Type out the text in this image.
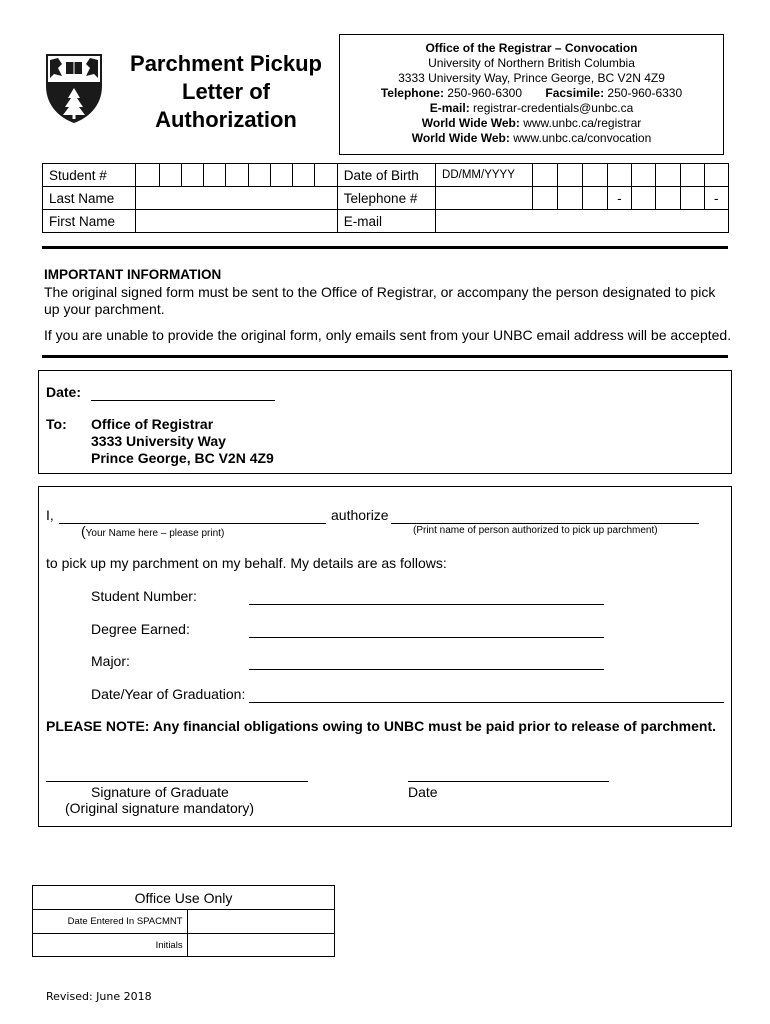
Parchment Pickup
Letter of
Authorization
Office of the Registrar – Convocation
University of Northern British Columbia
3333 University Way, Prince George, BC V2N 4Z9
Telephone: 250-960-6300 Facsimile: 250-960-6330
E-mail: registrar-credentials@unbc.ca
World Wide Web: www.unbc.ca/registrar
World Wide Web: www.unbc.ca/convocation
Student #										Date of Birth	DD/MM/YYYY								
Last Name										Telephone #					-				-
First Name										E-mail									
IMPORTANT INFORMATION
The original signed form must be sent to the Office of Registrar, or accompany the person designated to pick up your parchment.
If you are unable to provide the original form, only emails sent from your UNBC email address will be accepted.
Date:
To: Office of Registrar
3333 University Way
Prince George, BC V2N 4Z9
I,	authorize
(Your Name here – please print)	(Print name of person authorized to pick up parchment)
to pick up my parchment on my behalf. My details are as follows:
Student Number:
Degree Earned:
Major:
Date/Year of Graduation:
PLEASE NOTE: Any financial obligations owing to UNBC must be paid prior to release of parchment.
Signature of Graduate
(Original signature mandatory)
Date
Office Use Only	
Date Entered In SPACMNT	
Initials	
Revised: June 2018
